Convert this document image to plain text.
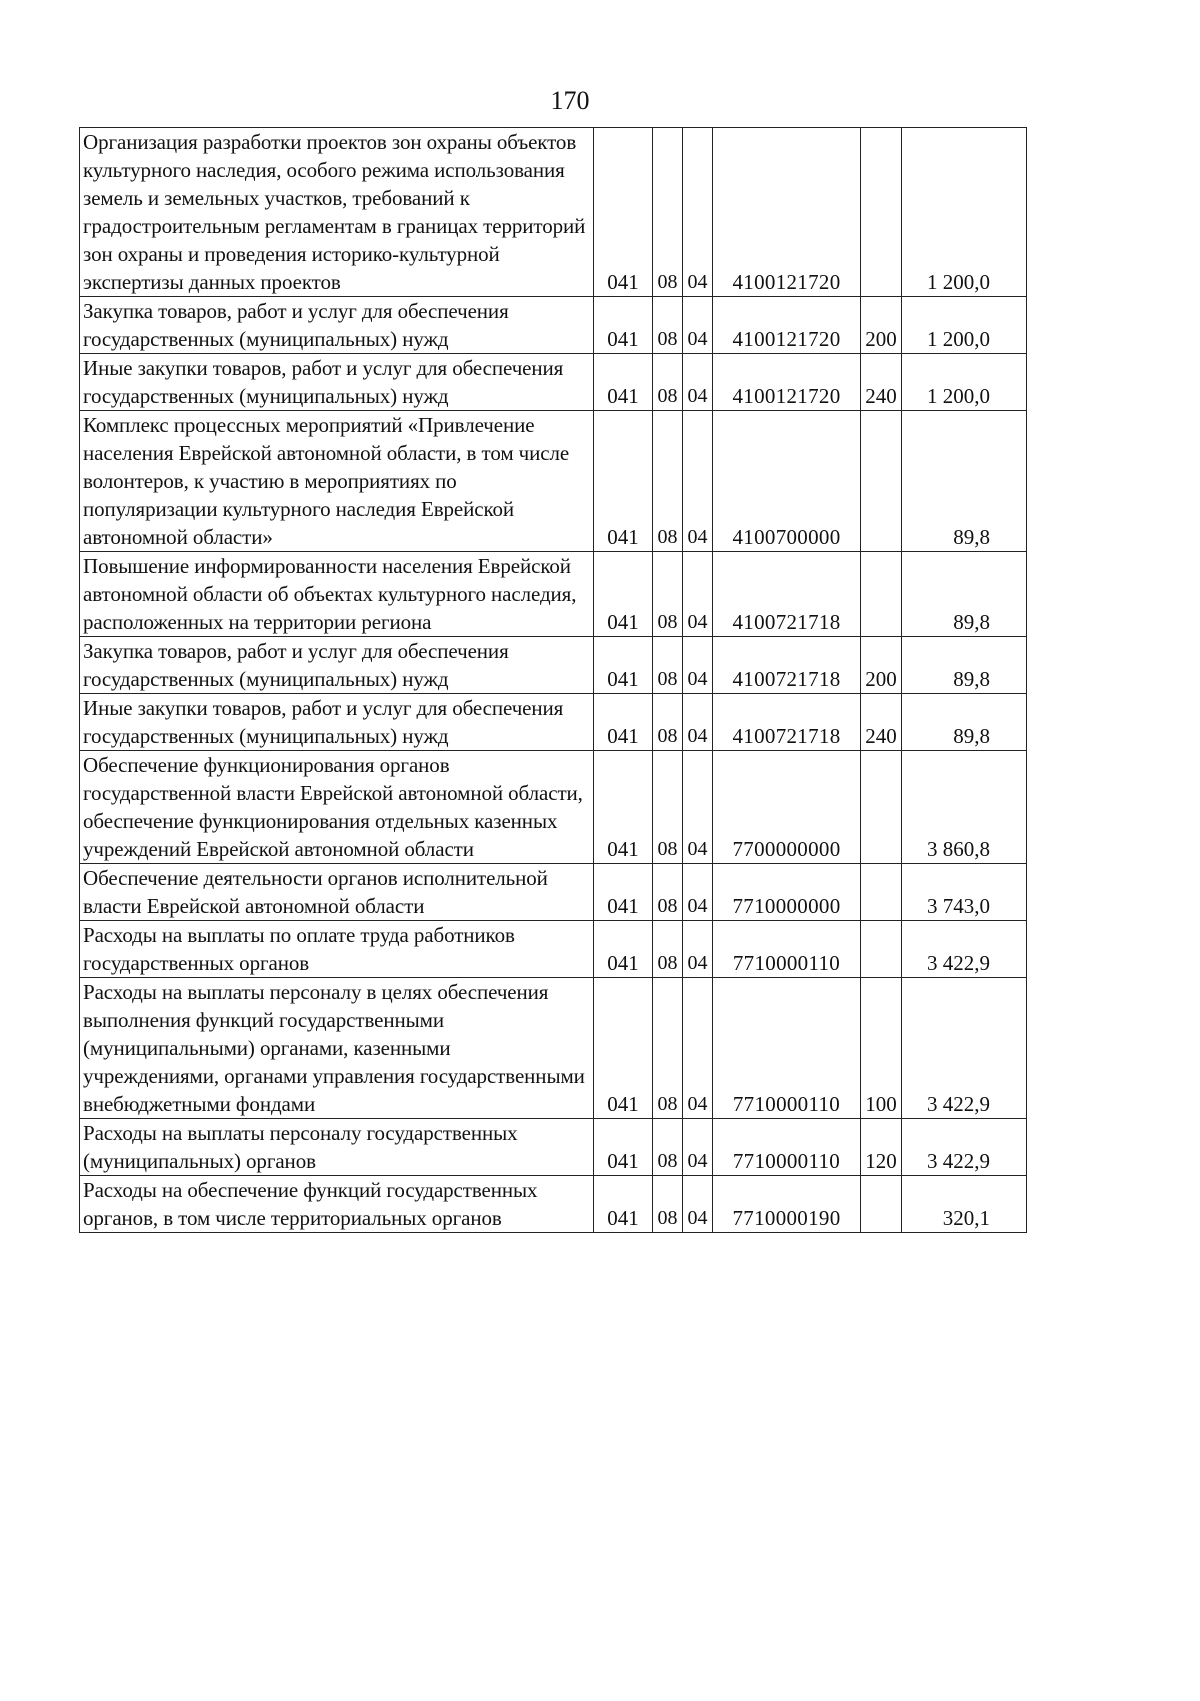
170
Организация разработки проектов зон охраны объектов культурного наследия, особого режима использования земель и земельных участков, требований к градостроительным регламентам в границах территорий зон охраны и проведения историко-культурной экспертизы данных проектов	041	08	04	4100121720		1 200,0
Закупка товаров, работ и услуг для обеспечения государственных (муниципальных) нужд	041	08	04	4100121720	200	1 200,0
Иные закупки товаров, работ и услуг для обеспечения государственных (муниципальных) нужд	041	08	04	4100121720	240	1 200,0
Комплекс процессных мероприятий «Привлечение населения Еврейской автономной области, в том числе волонтеров, к участию в мероприятиях по популяризации культурного наследия Еврейской автономной области»	041	08	04	4100700000		89,8
Повышение информированности населения Еврейской автономной области об объектах культурного наследия, расположенных на территории региона	041	08	04	4100721718		89,8
Закупка товаров, работ и услуг для обеспечения государственных (муниципальных) нужд	041	08	04	4100721718	200	89,8
Иные закупки товаров, работ и услуг для обеспечения государственных (муниципальных) нужд	041	08	04	4100721718	240	89,8
Обеспечение функционирования органов государственной власти Еврейской автономной области, обеспечение функционирования отдельных казенных учреждений Еврейской автономной области	041	08	04	7700000000		3 860,8
Обеспечение деятельности органов исполнительной власти Еврейской автономной области	041	08	04	7710000000		3 743,0
Расходы на выплаты по оплате труда работников государственных органов	041	08	04	7710000110		3 422,9
Расходы на выплаты персоналу в целях обеспечения выполнения функций государственными (муниципальными) органами, казенными учреждениями, органами управления государственными внебюджетными фондами	041	08	04	7710000110	100	3 422,9
Расходы на выплаты персоналу государственных (муниципальных) органов	041	08	04	7710000110	120	3 422,9
Расходы на обеспечение функций государственных органов, в том числе территориальных органов	041	08	04	7710000190		320,1
